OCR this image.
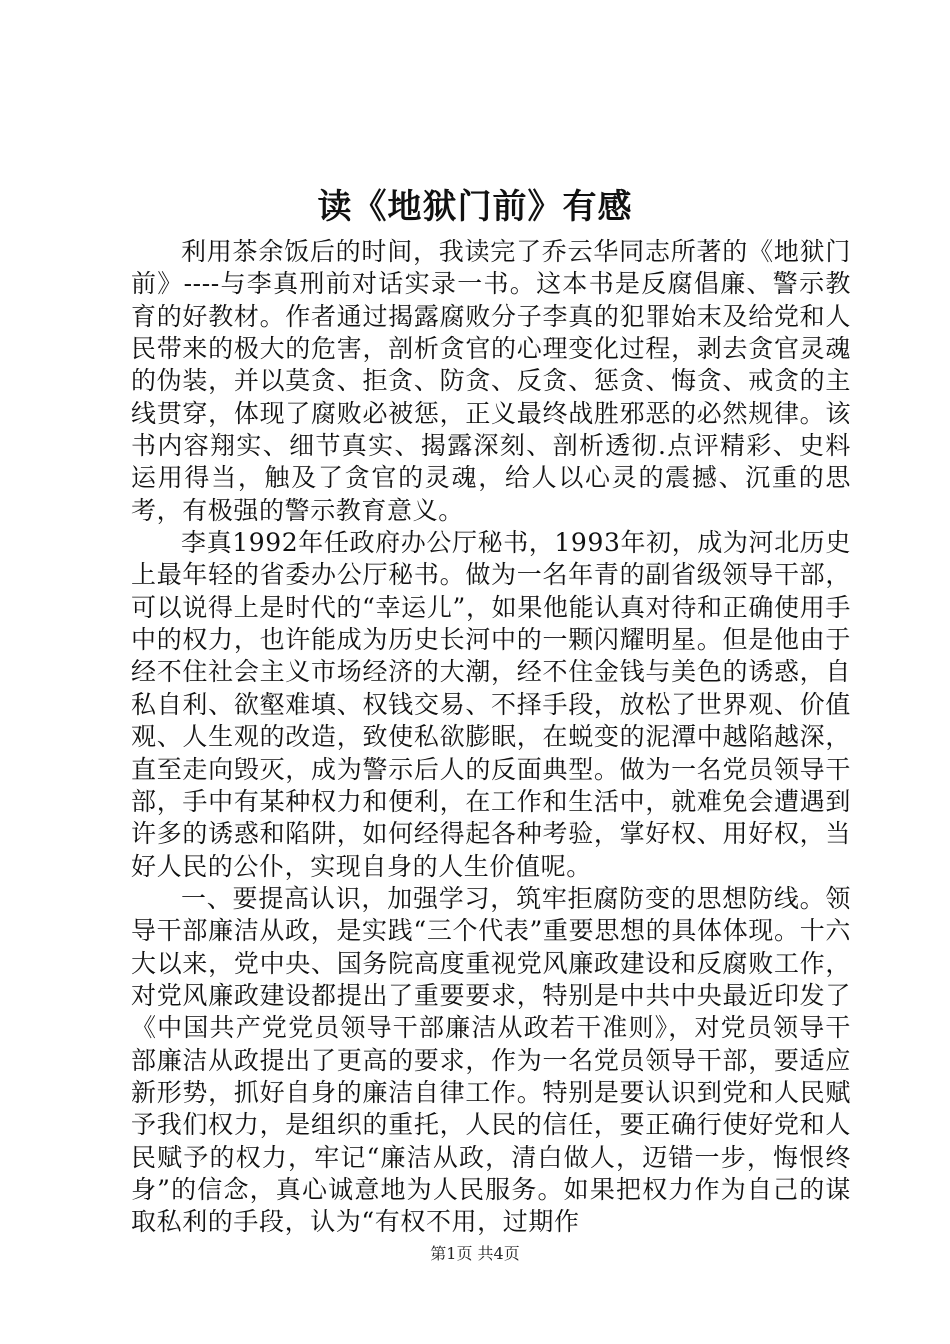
读《地狱门前》有感

利用茶余饭后的时间，我读完了乔云华同志所著的《地狱门前》----与李真刑前对话实录一书。这本书是反腐倡廉、警示教育的好教材。作者通过揭露腐败分子李真的犯罪始末及给党和人民带来的极大的危害，剖析贪官的心理变化过程，剥去贪官灵魂的伪装，并以莫贪、拒贪、防贪、反贪、惩贪、悔贪、戒贪的主线贯穿，体现了腐败必被惩，正义最终战胜邪恶的必然规律。该书内容翔实、细节真实、揭露深刻、剖析透彻.点评精彩、史料运用得当，触及了贪官的灵魂，给人以心灵的震撼、沉重的思考，有极强的警示教育意义。

李真1992年任政府办公厅秘书，1993年初，成为河北历史上最年轻的省委办公厅秘书。做为一名年青的副省级领导干部，可以说得上是时代的“幸运儿”，如果他能认真对待和正确使用手中的权力，也许能成为历史长河中的一颗闪耀明星。但是他由于经不住社会主义市场经济的大潮，经不住金钱与美色的诱惑，自私自利、欲壑难填、权钱交易、不择手段，放松了世界观、价值观、人生观的改造，致使私欲膨眠，在蜕变的泥潭中越陷越深，直至走向毁灭，成为警示后人的反面典型。做为一名党员领导干部，手中有某种权力和便利，在工作和生活中，就难免会遭遇到许多的诱惑和陷阱，如何经得起各种考验，掌好权、用好权，当好人民的公仆，实现自身的人生价值呢。

一、要提高认识，加强学习，筑牢拒腐防变的思想防线。领导干部廉洁从政，是实践“三个代表”重要思想的具体体现。十六大以来，党中央、国务院高度重视党风廉政建设和反腐败工作，对党风廉政建设都提出了重要要求，特别是中共中央最近印发了《中国共产党党员领导干部廉洁从政若干准则》，对党员领导干部廉洁从政提出了更高的要求，作为一名党员领导干部，要适应新形势，抓好自身的廉洁自律工作。特别是要认识到党和人民赋予我们权力，是组织的重托，人民的信任，要正确行使好党和人民赋予的权力，牢记“廉洁从政，清白做人，迈错一步，悔恨终身”的信念，真心诚意地为人民服务。如果把权力作为自己的谋取私利的手段，认为“有权不用，过期作

第1页 共4页
